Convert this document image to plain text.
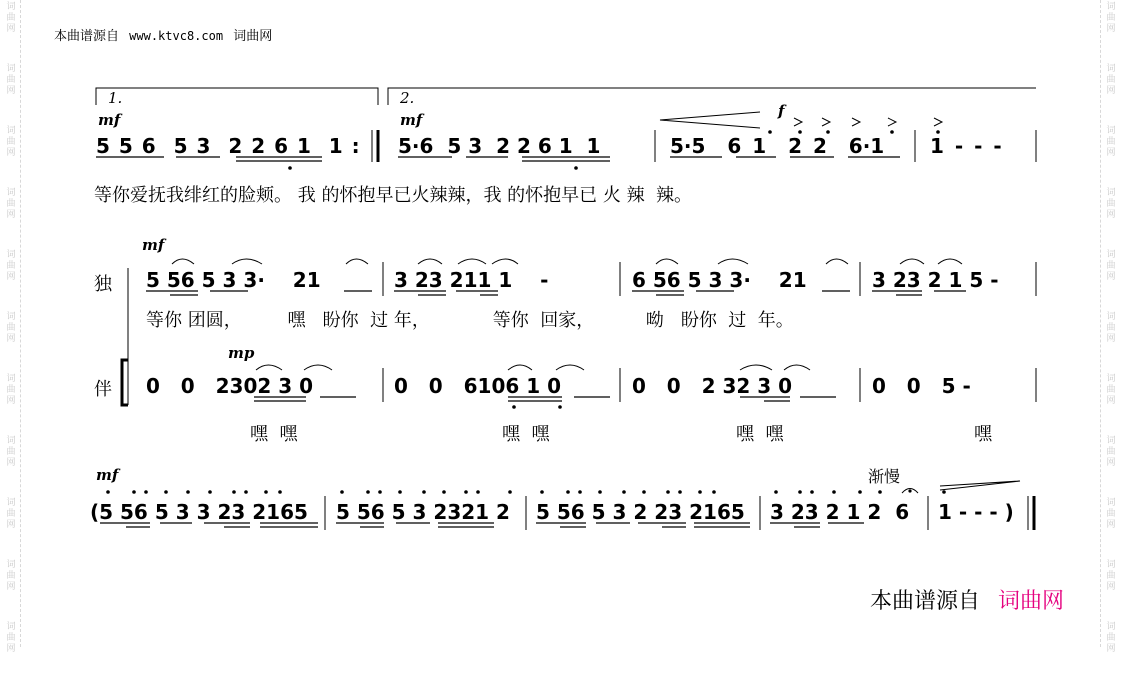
词
曲
网
词
曲
网
词
曲
网
词
曲
网
词
曲
网
词
曲
网
词
曲
网
词
曲
网
词
曲
网
词
曲
网
词
曲
网
词
曲
网
词
曲
网
词
曲
网
词
曲
网
词
曲
网
词
曲
网
词
曲
网
词
曲
网
词
曲
网
词
曲
网
词
曲
网
本曲谱源自 www.ktvc8.com 词曲网
1.	2.
mf	mf	f
5 5 6  5 3  2 2 6 1  1 : 5·6  5 3  2 2 6 1  1	5·5  6 1  2 2  6·1 1 - - -
等你爱抚我绯红的脸颊。 我 的怀抱早已火辣辣，我 的怀抱早已 火 辣  辣。
独
伴
mf
mp
5 56 5 3 3·    21	3 23 211 1    -	6 56 5 3 3·    21	3 23 2 1 5 -
等你 团圆，        嘿   盼你  过 年，           等你  回家，         呦   盼你  过  年。
0   0   2302 3 0	0   0   6106 1 0	0   0   2 32 3 0	0   0   5 -
嘿  嘿	嘿  嘿	嘿  嘿	嘿
mf	渐慢
(5 56 5 3 3 23 2165 5 56 5 3 2321 2 5 56 5 3 2 23 2165 3 23 2 1 2  6 1 - - - )
本曲谱源自 词曲网
